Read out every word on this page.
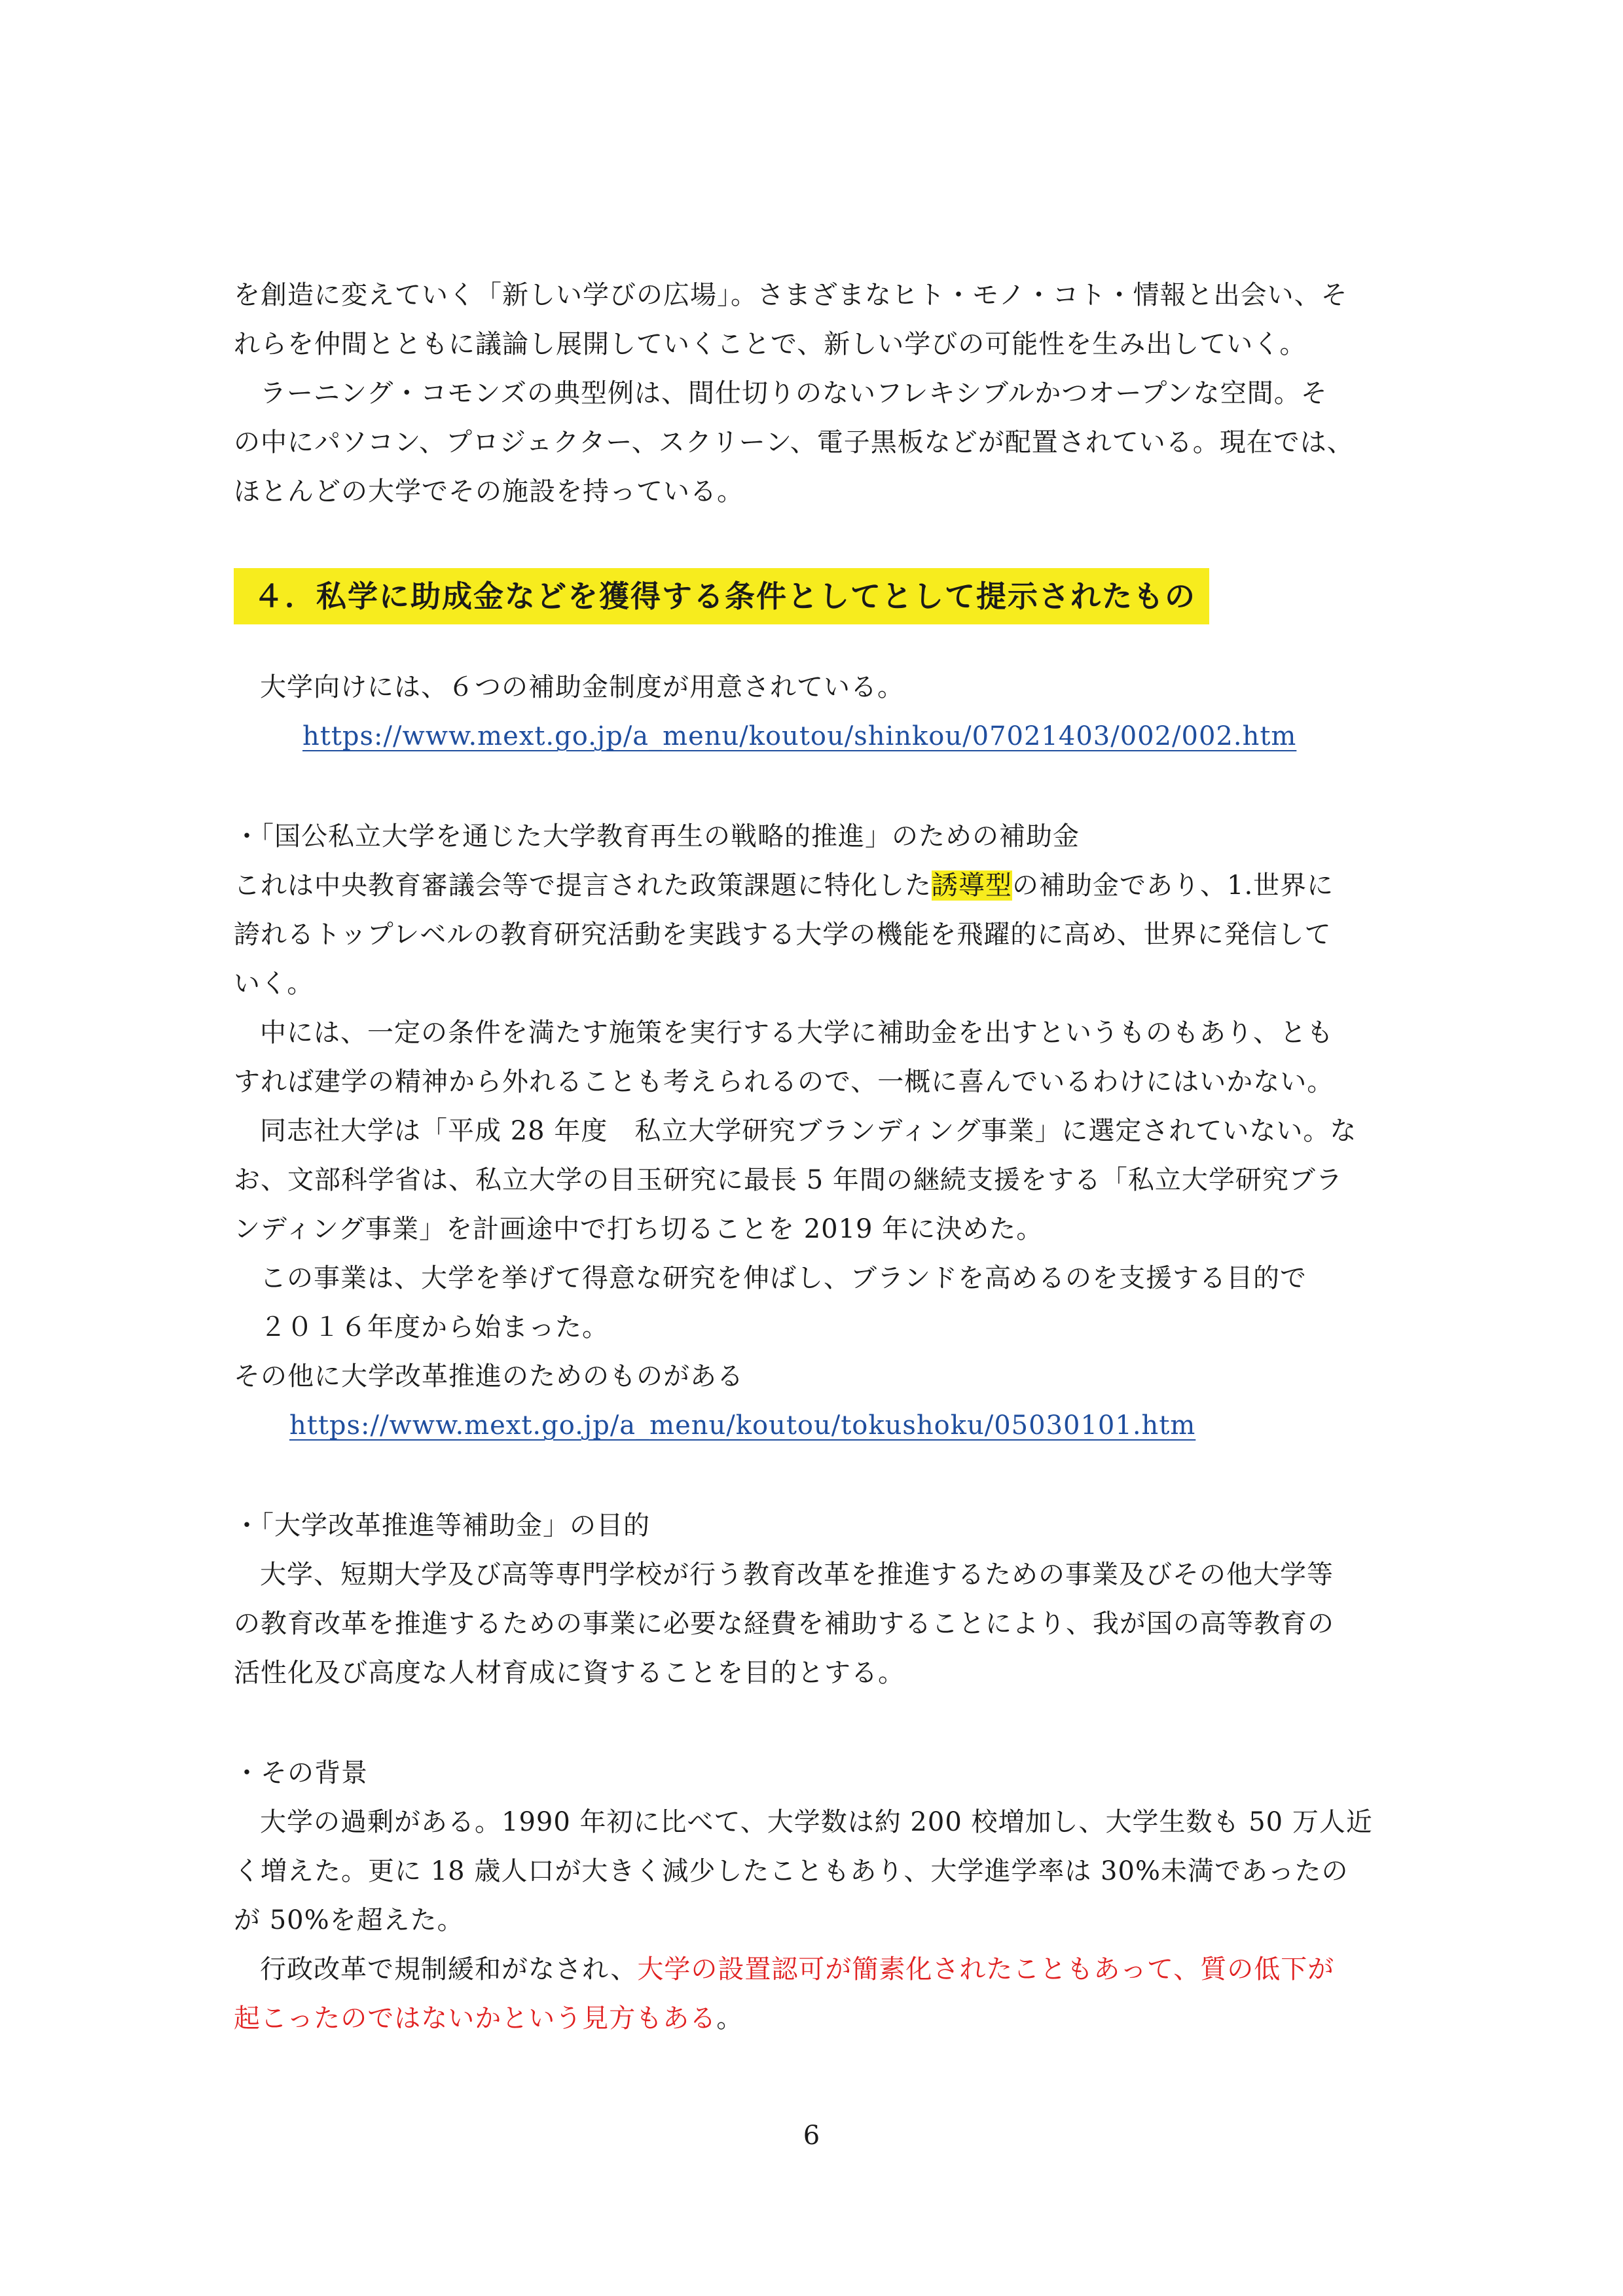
を創造に変えていく「新しい学びの広場」。さまざまなヒト・モノ・コト・情報と出会い、そ
れらを仲間とともに議論し展開していくことで、新しい学びの可能性を生み出していく。
ラーニング・コモンズの典型例は、間仕切りのないフレキシブルかつオープンな空間。そ
の中にパソコン、プロジェクター、スクリーン、電子黒板などが配置されている。現在では、
ほとんどの大学でその施設を持っている。
４．私学に助成金などを獲得する条件としてとして提示されたもの
大学向けには、６つの補助金制度が用意されている。
https://www.mext.go.jp/a_menu/koutou/shinkou/07021403/002/002.htm
・「国公私立大学を通じた大学教育再生の戦略的推進」のための補助金
これは中央教育審議会等で提言された政策課題に特化した誘導型の補助金であり、1.世界に
誇れるトップレベルの教育研究活動を実践する大学の機能を飛躍的に高め、世界に発信して
いく。
中には、一定の条件を満たす施策を実行する大学に補助金を出すというものもあり、とも
すれば建学の精神から外れることも考えられるので、一概に喜んでいるわけにはいかない。
同志社大学は「平成 28 年度　私立大学研究ブランディング事業」に選定されていない。な
お、文部科学省は、私立大学の目玉研究に最長 5 年間の継続支援をする「私立大学研究ブラ
ンディング事業」を計画途中で打ち切ることを 2019 年に決めた。
この事業は、大学を挙げて得意な研究を伸ばし、ブランドを高めるのを支援する目的で
２０１６年度から始まった。
その他に大学改革推進のためのものがある
https://www.mext.go.jp/a_menu/koutou/tokushoku/05030101.htm
・「大学改革推進等補助金」の目的
大学、短期大学及び高等専門学校が行う教育改革を推進するための事業及びその他大学等
の教育改革を推進するための事業に必要な経費を補助することにより、我が国の高等教育の
活性化及び高度な人材育成に資することを目的とする。
・その背景
大学の過剰がある。1990 年初に比べて、大学数は約 200 校増加し、大学生数も 50 万人近
く増えた。更に 18 歳人口が大きく減少したこともあり、大学進学率は 30%未満であったの
が 50%を超えた。
行政改革で規制緩和がなされ、大学の設置認可が簡素化されたこともあって、質の低下が
起こったのではないかという見方もある。
6
